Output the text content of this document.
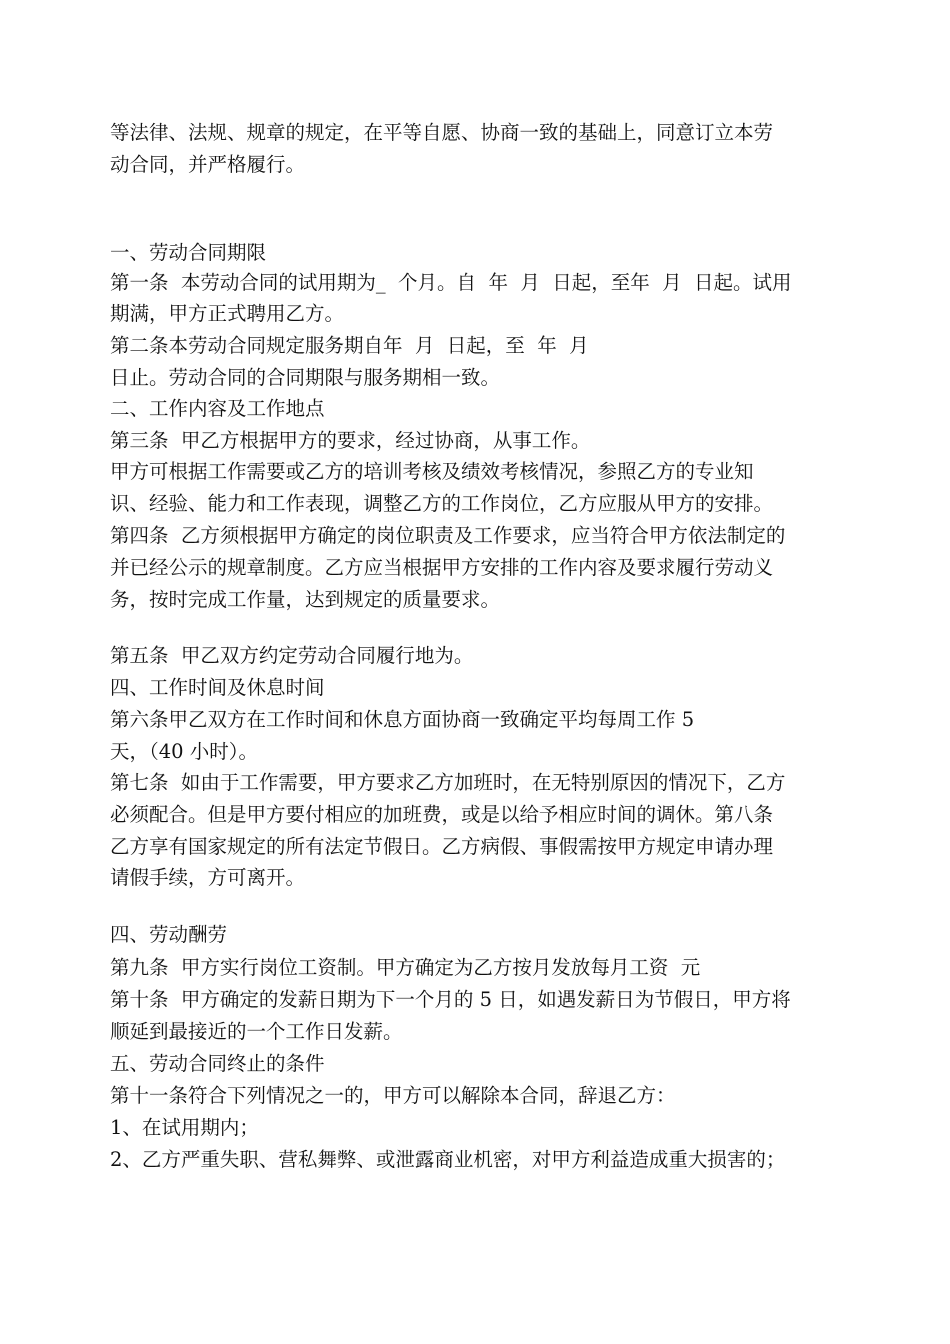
等法律、法规、规章的规定，在平等自愿、协商一致的基础上，同意订立本劳
动合同，并严格履行。
一、劳动合同期限
第一条  本劳动合同的试用期为_  个月。自  年  月  日起，至年  月  日起。试用
期满，甲方正式聘用乙方。
第二条本劳动合同规定服务期自年  月  日起，至  年  月
日止。劳动合同的合同期限与服务期相一致。
二、工作内容及工作地点
第三条  甲乙方根据甲方的要求，经过协商，从事工作。
甲方可根据工作需要或乙方的培训考核及绩效考核情况，参照乙方的专业知
识、经验、能力和工作表现，调整乙方的工作岗位，乙方应服从甲方的安排。
第四条  乙方须根据甲方确定的岗位职责及工作要求，应当符合甲方依法制定的
并已经公示的规章制度。乙方应当根据甲方安排的工作内容及要求履行劳动义
务，按时完成工作量，达到规定的质量要求。
第五条  甲乙双方约定劳动合同履行地为。
四、工作时间及休息时间
第六条甲乙双方在工作时间和休息方面协商一致确定平均每周工作 5
天，（40 小时）。
第七条  如由于工作需要，甲方要求乙方加班时，在无特别原因的情况下，乙方
必须配合。但是甲方要付相应的加班费，或是以给予相应时间的调休。第八条
乙方享有国家规定的所有法定节假日。乙方病假、事假需按甲方规定申请办理
请假手续，方可离开。
四、劳动酬劳
第九条  甲方实行岗位工资制。甲方确定为乙方按月发放每月工资  元
第十条  甲方确定的发薪日期为下一个月的 5 日，如遇发薪日为节假日，甲方将
顺延到最接近的一个工作日发薪。
五、劳动合同终止的条件
第十一条符合下列情况之一的，甲方可以解除本合同，辞退乙方：
1、在试用期内；
2、乙方严重失职、营私舞弊、或泄露商业机密，对甲方利益造成重大损害的；
